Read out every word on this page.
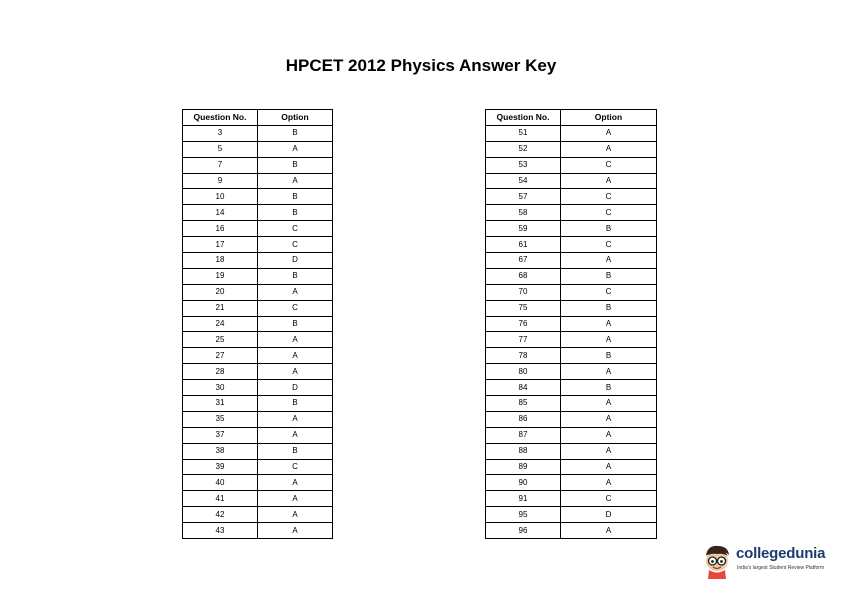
HPCET 2012 Physics Answer Key
Question No.	Option
3	B
5	A
7	B
9	A
10	B
14	B
16	C
17	C
18	D
19	B
20	A
21	C
24	B
25	A
27	A
28	A
30	D
31	B
35	A
37	A
38	B
39	C
40	A
41	A
42	A
43	A
Question No.	Option
51	A
52	A
53	C
54	A
57	C
58	C
59	B
61	C
67	A
68	B
70	C
75	B
76	A
77	A
78	B
80	A
84	B
85	A
86	A
87	A
88	A
89	A
90	A
91	C
95	D
96	A
collegedunia
India's largest Student Review Platform
